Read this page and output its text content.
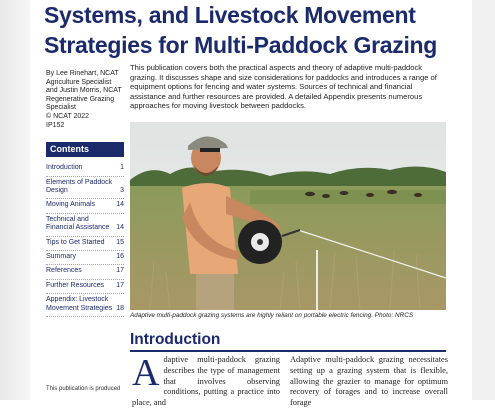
Systems, and Livestock Movement
Strategies for Multi-Paddock Grazing
By Lee Rinehart, NCAT
Agriculture Specialist
and Justin Morris, NCAT
Regenerative Grazing
Specialist
© NCAT 2022
IP152
Contents
Introduction	1
Elements of Paddock Design	3
Moving Animals	14
Technical and Financial Assistance 14
Tips to Get Started	15
Summary	16
References	17
Further Resources	17
Appendix: Livestock Movement Strategies 18
This publication is produced
This publication covers both the practical aspects and theory of adaptive multi-paddock grazing. It discusses shape and size considerations for paddocks and introduces a range of equipment options for fencing and water systems. Sources of technical and financial assistance and further resources are provided. A detailed Appendix presents numerous approaches for moving livestock between paddocks.
Adaptive multi-paddock grazing systems are highly reliant on portable electric fencing. Photo: NRCS
Introduction
A daptive multi-paddock grazing describes the type of management that involves observing conditions, putting a practice into place, and
Adaptive multi-paddock grazing necessitates setting up a grazing system that is flexible, allowing the grazier to manage for optimum recovery of forages and to increase overall forage
